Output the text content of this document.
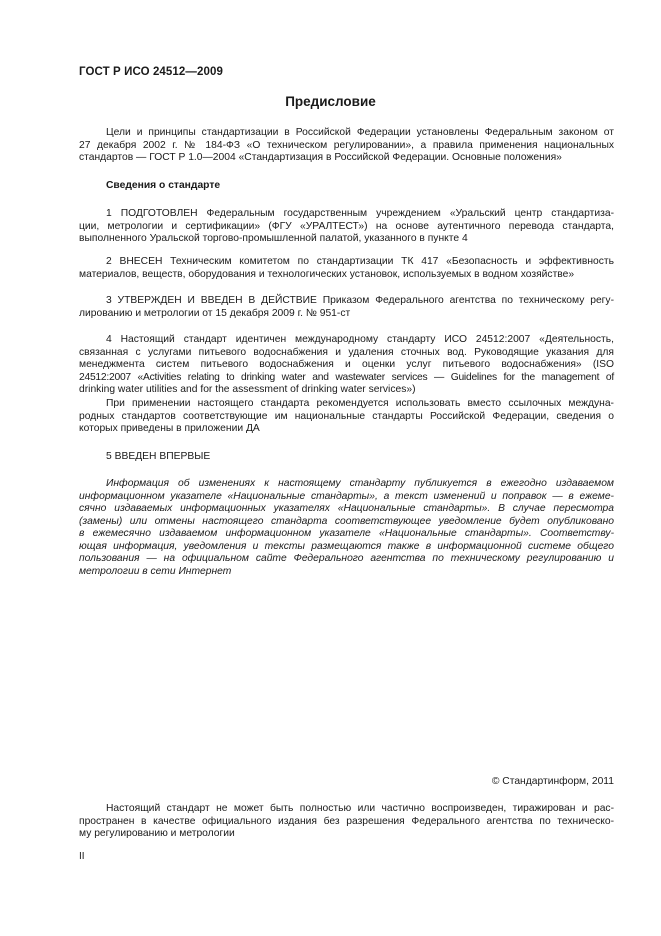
ГОСТ Р ИСО 24512—2009
Предисловие
Цели и принципы стандартизации в Российской Федерации установлены Федеральным законом от
27 декабря 2002 г. № 184-ФЗ «О техническом регулировании», а правила применения национальных
стандартов — ГОСТ Р 1.0—2004 «Стандартизация в Российской Федерации. Основные положения»
Сведения о стандарте
1 ПОДГОТОВЛЕН Федеральным государственным учреждением «Уральский центр стандартиза-
ции, метрологии и сертификации» (ФГУ «УРАЛТЕСТ») на основе аутентичного перевода стандарта,
выполненного Уральской торгово-промышленной палатой, указанного в пункте 4
2 ВНЕСЕН Техническим комитетом по стандартизации ТК 417 «Безопасность и эффективность
материалов, веществ, оборудования и технологических установок, используемых в водном хозяйстве»
3 УТВЕРЖДЕН И ВВЕДЕН В ДЕЙСТВИЕ Приказом Федерального агентства по техническому регу-
лированию и метрологии от 15 декабря 2009 г. № 951-ст
4 Настоящий стандарт идентичен международному стандарту ИСО 24512:2007 «Деятельность,
связанная с услугами питьевого водоснабжения и удаления сточных вод. Руководящие указания для
менеджмента систем питьевого водоснабжения и оценки услуг питьевого водоснабжения» (ISO
24512:2007 «Activities relating to drinking water and wastewater services — Guidelines for the management of
drinking water utilities and for the assessment of drinking water services»)
При применении настоящего стандарта рекомендуется использовать вместо ссылочных междуна-
родных стандартов соответствующие им национальные стандарты Российской Федерации, сведения о
которых приведены в приложении ДА
5 ВВЕДЕН ВПЕРВЫЕ
Информация об изменениях к настоящему стандарту публикуется в ежегодно издаваемом
информационном указателе «Национальные стандарты», а текст изменений и поправок — в ежеме-
сячно издаваемых информационных указателях «Национальные стандарты». В случае пересмотра
(замены) или отмены настоящего стандарта соответствующее уведомление будет опубликовано
в ежемесячно издаваемом информационном указателе «Национальные стандарты». Соответству-
ющая информация, уведомления и тексты размещаются также в информационной системе общего
пользования — на официальном сайте Федерального агентства по техническому регулированию и
метрологии в сети Интернет
© Стандартинформ, 2011
Настоящий стандарт не может быть полностью или частично воспроизведен, тиражирован и рас-
пространен в качестве официального издания без разрешения Федерального агентства по техническо-
му регулированию и метрологии
II
